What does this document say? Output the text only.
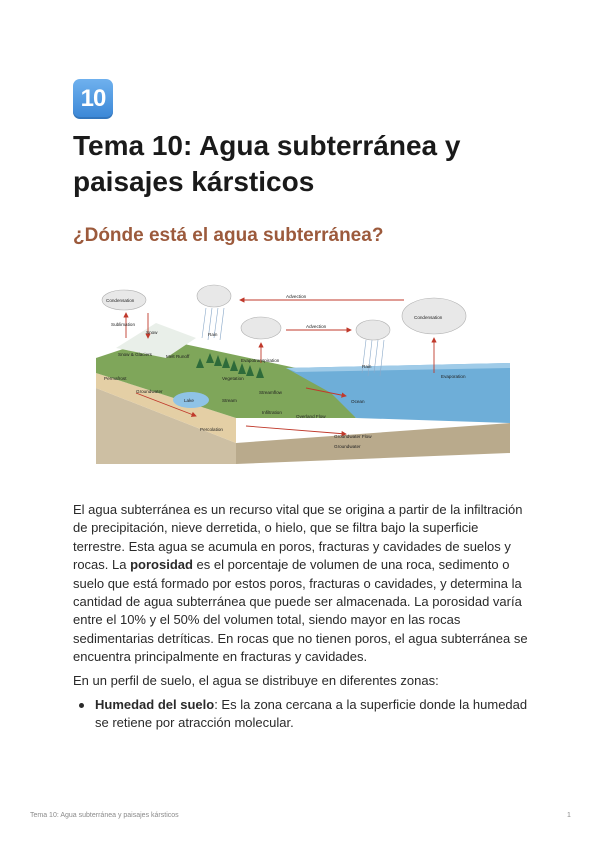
10
Tema 10: Agua subterránea y paisajes kársticos
¿Dónde está el agua subterránea?
Condensation
Condensation
Advection
Advection
Sublimation
Snow	Rain
Rain
Evapotranspiration
Evaporation
Snow & Glaciers	Melt Runoff
Vegetation
Streamflow
Stream
Lake
Infiltration
Overland Flow
Ocean
Permafrost
Groundwater
Percolation
Groundwater Flow
Groundwater

El agua subterránea es un recurso vital que se origina a partir de la infiltración de precipitación, nieve derretida, o hielo, que se filtra bajo la superficie terrestre. Esta agua se acumula en poros, fracturas y cavidades de suelos y rocas. La porosidad es el porcentaje de volumen de una roca, sedimento o suelo que está formado por estos poros, fracturas o cavidades, y determina la cantidad de agua subterránea que puede ser almacenada. La porosidad varía entre el 10% y el 50% del volumen total, siendo mayor en las rocas sedimentarias detríticas. En rocas que no tienen poros, el agua subterránea se encuentra principalmente en fracturas y cavidades.

En un perfil de suelo, el agua se distribuye en diferentes zonas:

Humedad del suelo: Es la zona cercana a la superficie donde la humedad se retiene por atracción molecular.
Tema 10: Agua subterránea y paisajes kársticos	1
